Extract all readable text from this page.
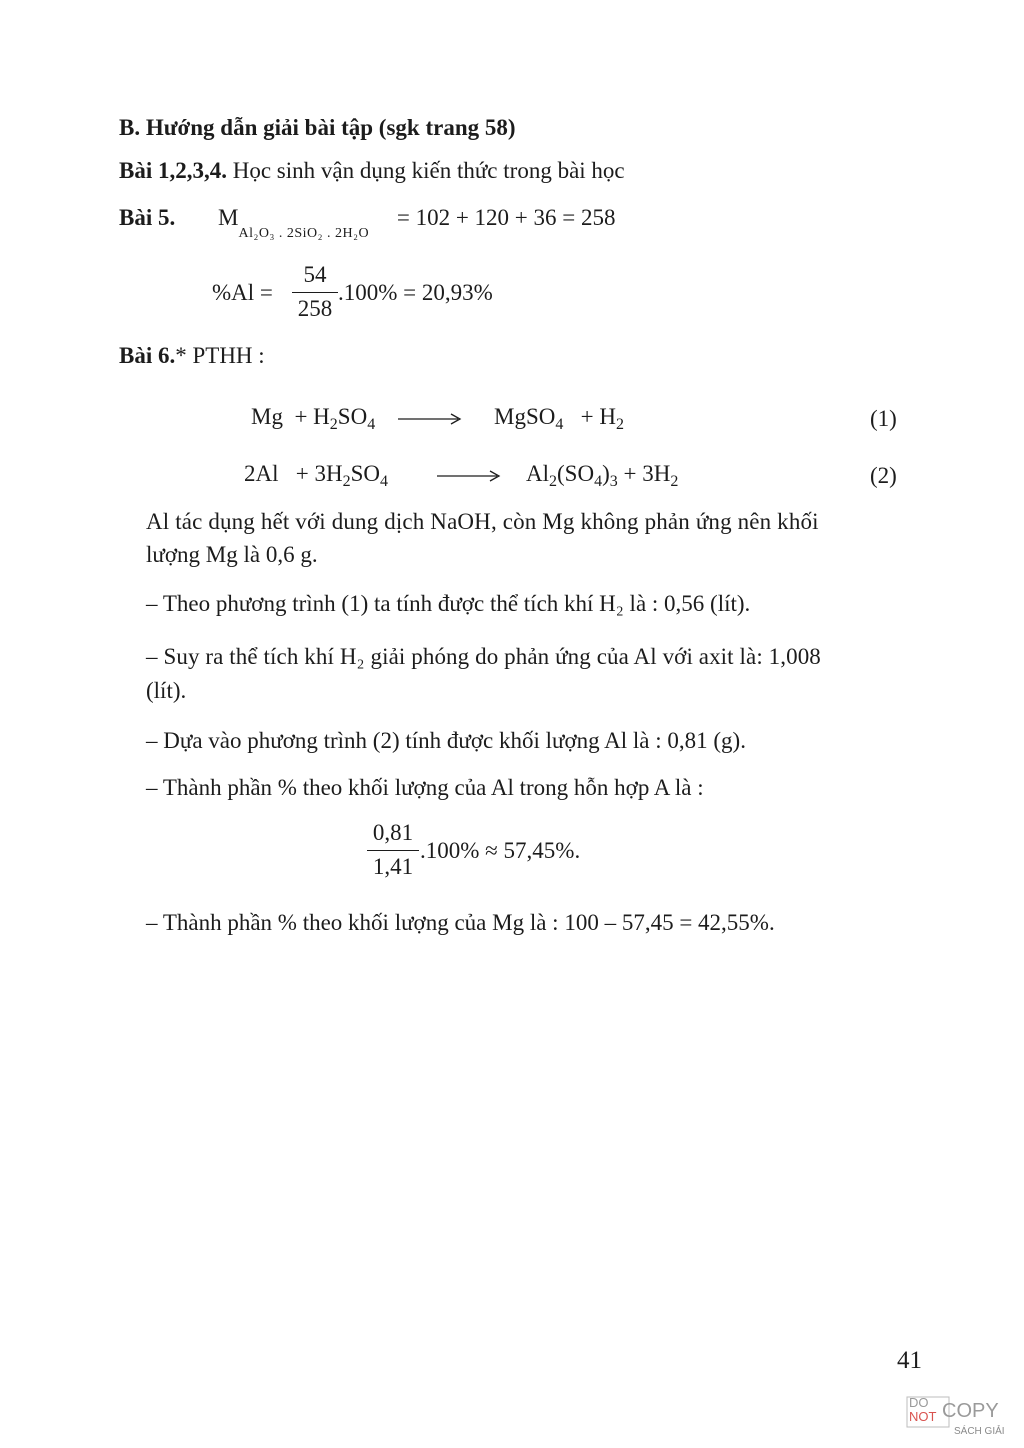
B. Hướng dẫn giải bài tập (sgk trang 58)
Bài 1,2,3,4. Học sinh vận dụng kiến thức trong bài học
Bài 5. $M_{Al_2O_3 . 2SiO_2 . 2H_2O} = 102 + 120 + 36 = 258$
%Al =
54
258
.100% = 20,93%
Bài 6.* PTHH :
$Mg + H_2SO_4$ → MgSO$_4$   + $H_2$	(1)
$2Al + 3H_2SO_4$	$Al_2(SO_4)_3 + 3H_2$	(2)
Al tác dụng hết với dung dịch NaOH, còn Mg không phản ứng nên khối
lượng Mg là 0,6 g.
– Theo phương trình (1) ta tính được thể tích khí H₂ là : 0,56 (lít).
– Suy ra thể tích khí H₂ giải phóng do phản ứng của Al với axit là: 1,008
(lít).
– Dựa vào phương trình (2) tính được khối lượng Al là : 0,81 (g).
– Thành phần % theo khối lượng của Al trong hỗn hợp A là :
0,81
1,41
.100% ≈ 57,45%.
– Thành phần % theo khối lượng của Mg là : 100 – 57,45 = 42,55%.
41
DO
NOT COPY
SÁCH GIẢI
